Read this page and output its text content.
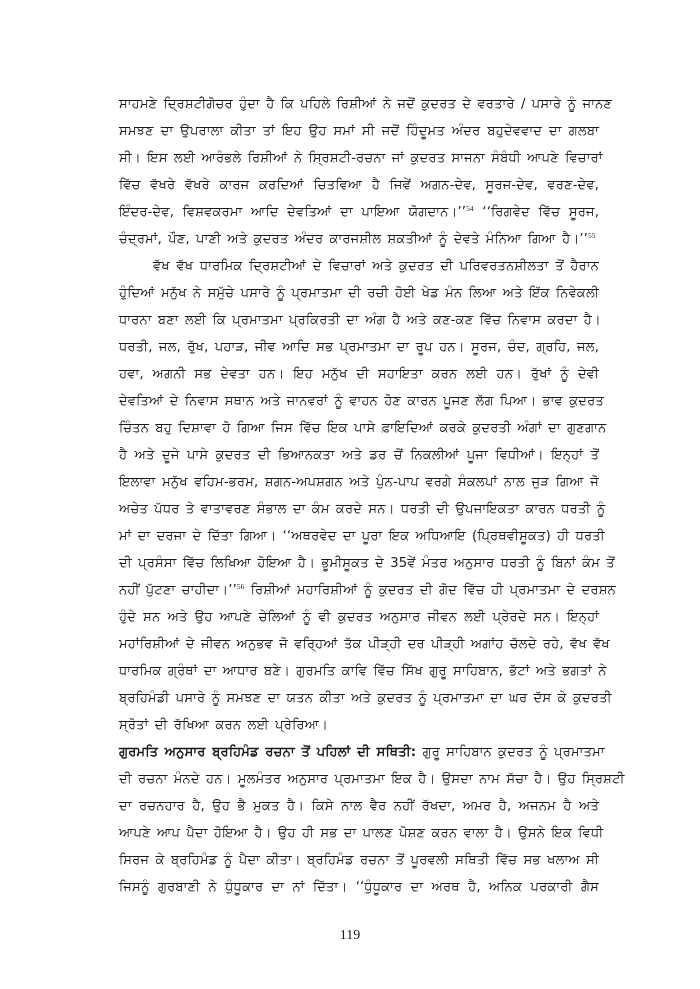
ਸਾਹਮਣੇ ਦ੍ਰਿਸ਼ਟੀਗੋਚਰ ਹੁੰਦਾ ਹੈ ਕਿ ਪਹਿਲੇ ਰਿਸ਼ੀਆਂ ਨੇ ਜਦੋਂ ਕੁਦਰਤ ਦੇ ਵਰਤਾਰੇ / ਪਸਾਰੇ ਨੂੰ ਜਾਨਣ
ਸਮਝਣ ਦਾ ਉਪਰਾਲਾ ਕੀਤਾ ਤਾਂ ਇਹ ਉਹ ਸਮਾਂ ਸੀ ਜਦੋਂ ਹਿੰਦੂਮਤ ਅੰਦਰ ਬਹੁਦੇਵਵਾਦ ਦਾ ਗਲਬਾ
ਸੀ। ਇਸ ਲਈ ਆਰੰਭਲੇ ਰਿਸ਼ੀਆਂ ਨੇ ਸ੍ਰਿਸ਼ਟੀ-ਰਚਨਾ ਜਾਂ ਕੁਦਰਤ ਸਾਜਨਾ ਸੰਬੰਧੀ ਆਪਣੇ ਵਿਚਾਰਾਂ
ਵਿੱਚ ਵੱਖਰੇ ਵੱਖਰੇ ਕਾਰਜ ਕਰਦਿਆਂ ਚਿਤਵਿਆ ਹੈ ਜਿਵੇਂ ਅਗਨ-ਦੇਵ, ਸੂਰਜ-ਦੇਵ, ਵਰਣ-ਦੇਵ,
ਇੰਦਰ-ਦੇਵ, ਵਿਸ਼ਵਕਰਮਾ ਆਦਿ ਦੇਵਤਿਆਂ ਦਾ ਪਾਇਆ ਯੋਗਦਾਨ।’’$^{54}$ ‘‘ਰਿਗਵੇਦ ਵਿੱਚ ਸੂਰਜ,
ਚੰਦ੍ਰਮਾਂ, ਪੌਣ, ਪਾਣੀ ਅਤੇ ਕੁਦਰਤ ਅੰਦਰ ਕਾਰਜਸ਼ੀਲ ਸ਼ਕਤੀਆਂ ਨੂੰ ਦੇਵਤੇ ਮੰਨਿਆ ਗਿਆ ਹੈ।’’$^{55}$
ਵੱਖ ਵੱਖ ਧਾਰਮਿਕ ਦ੍ਰਿਸ਼ਟੀਆਂ ਦੇ ਵਿਚਾਰਾਂ ਅਤੇ ਕੁਦਰਤ ਦੀ ਪਰਿਵਰਤਨਸ਼ੀਲਤਾ ਤੋਂ ਹੈਰਾਨ
ਹੁੰਦਿਆਂ ਮਨੁੱਖ ਨੇ ਸਮੁੱਚੇ ਪਸਾਰੇ ਨੂੰ ਪ੍ਰਮਾਤਮਾ ਦੀ ਰਚੀ ਹੋਈ ਖੇਡ ਮੰਨ ਲਿਆ ਅਤੇ ਇੱਕ ਨਿਵੇਕਲੀ
ਧਾਰਨਾ ਬਣਾ ਲਈ ਕਿ ਪ੍ਰਮਾਤਮਾ ਪ੍ਰਕਿਰਤੀ ਦਾ ਅੰਗ ਹੈ ਅਤੇ ਕਣ-ਕਣ ਵਿੱਚ ਨਿਵਾਸ ਕਰਦਾ ਹੈ।
ਧਰਤੀ, ਜਲ, ਰੁੱਖ, ਪਹਾੜ, ਜੀਵ ਆਦਿ ਸਭ ਪ੍ਰਮਾਤਮਾ ਦਾ ਰੂਪ ਹਨ। ਸੂਰਜ, ਚੰਦ, ਗ੍ਰਹਿ, ਜਲ,
ਹਵਾ, ਅਗਨੀ ਸਭ ਦੇਵਤਾ ਹਨ। ਇਹ ਮਨੁੱਖ ਦੀ ਸਹਾਇਤਾ ਕਰਨ ਲਈ ਹਨ। ਰੁੱਖਾਂ ਨੂੰ ਦੇਵੀ
ਦੇਵਤਿਆਂ ਦੇ ਨਿਵਾਸ ਸਥਾਨ ਅਤੇ ਜਾਨਵਰਾਂ ਨੂੰ ਵਾਹਨ ਹੋਣ ਕਾਰਨ ਪੂਜਣ ਲੱਗ ਪਿਆ। ਭਾਵ ਕੁਦਰਤ
ਚਿੰਤਨ ਬਹੁ ਦਿਸ਼ਾਵਾ ਹੋ ਗਿਆ ਜਿਸ ਵਿੱਚ ਇਕ ਪਾਸੇ ਫ਼ਾਇਦਿਆਂ ਕਰਕੇ ਕੁਦਰਤੀ ਅੰਗਾਂ ਦਾ ਗੁਣਗਾਨ
ਹੈ ਅਤੇ ਦੂਜੇ ਪਾਸੇ ਕੁਦਰਤ ਦੀ ਭਿਆਨਕਤਾ ਅਤੇ ਡਰ ਚੋਂ ਨਿਕਲੀਆਂ ਪੂਜਾ ਵਿਧੀਆਂ। ਇਨ੍ਹਾਂ ਤੋਂ
ਇਲਾਵਾ ਮਨੁੱਖ ਵਹਿਮ-ਭਰਮ, ਸ਼ਗਨ-ਅਪਸ਼ਗਨ ਅਤੇ ਪੁੰਨ-ਪਾਪ ਵਰਗੇ ਸੰਕਲਪਾਂ ਨਾਲ ਜੁੜ ਗਿਆ ਜੋ
ਅਚੇਤ ਪੱਧਰ ਤੇ ਵਾਤਾਵਰਣ ਸੰਭਾਲ ਦਾ ਕੰਮ ਕਰਦੇ ਸਨ। ਧਰਤੀ ਦੀ ਉਪਜਾਇਕਤਾ ਕਾਰਨ ਧਰਤੀ ਨੂੰ
ਮਾਂ ਦਾ ਦਰਜਾ ਦੇ ਦਿੱਤਾ ਗਿਆ। ‘‘ਅਥਰਵੇਦ ਦਾ ਪੂਰਾ ਇਕ ਅਧਿਆਇ (ਪ੍ਰਿਥਵੀਸੂਕਤ) ਹੀ ਧਰਤੀ
ਦੀ ਪ੍ਰਸੰਸਾ ਵਿੱਚ ਲਿਖਿਆ ਹੋਇਆ ਹੈ। ਭੂਮੀਸੂਕਤ ਦੇ 35ਵੇਂ ਮੰਤਰ ਅਨੁਸਾਰ ਧਰਤੀ ਨੂੰ ਬਿਨਾਂ ਕੰਮ ਤੋਂ
ਨਹੀਂ ਪੁੱਟਣਾ ਚਾਹੀਦਾ।’’$^{56}$ ਰਿਸ਼ੀਆਂ ਮਹਾਰਿਸ਼ੀਆਂ ਨੂੰ ਕੁਦਰਤ ਦੀ ਗੋਦ ਵਿੱਚ ਹੀ ਪ੍ਰਮਾਤਮਾ ਦੇ ਦਰਸ਼ਨ
ਹੁੰਦੇ ਸਨ ਅਤੇ ਉਹ ਆਪਣੇ ਚੇਲਿਆਂ ਨੂੰ ਵੀ ਕੁਦਰਤ ਅਨੁਸਾਰ ਜੀਵਨ ਲਈ ਪ੍ਰੇਰਦੇ ਸਨ। ਇਨ੍ਹਾਂ
ਮਹਾਂਰਿਸ਼ੀਆਂ ਦੇ ਜੀਵਨ ਅਨੁਭਵ ਜੋ ਵਰ੍ਹਿਆਂ ਤੱਕ ਪੀੜ੍ਹੀ ਦਰ ਪੀੜ੍ਹੀ ਅਗਾਂਹ ਚੱਲਦੇ ਰਹੇ, ਵੱਖ ਵੱਖ
ਧਾਰਮਿਕ ਗ੍ਰੰਥਾਂ ਦਾ ਆਧਾਰ ਬਣੇ। ਗੁਰਮਤਿ ਕਾਵਿ ਵਿੱਚ ਸਿੱਖ ਗੁਰੂ ਸਾਹਿਬਾਨ, ਭੱਟਾਂ ਅਤੇ ਭਗਤਾਂ ਨੇ
ਬ੍ਰਹਿਮੰਡੀ ਪਸਾਰੇ ਨੂੰ ਸਮਝਣ ਦਾ ਯਤਨ ਕੀਤਾ ਅਤੇ ਕੁਦਰਤ ਨੂੰ ਪ੍ਰਮਾਤਮਾ ਦਾ ਘਰ ਦੱਸ ਕੇ ਕੁਦਰਤੀ
ਸ੍ਰੋਤਾਂ ਦੀ ਰੱਖਿਆ ਕਰਨ ਲਈ ਪ੍ਰੇਰਿਆ।
ਗੁਰਮਤਿ ਅਨੁਸਾਰ ਬ੍ਰਹਿਮੰਡ ਰਚਨਾ ਤੋਂ ਪਹਿਲਾਂ ਦੀ ਸਥਿਤੀ: ਗੁਰੂ ਸਾਹਿਬਾਨ ਕੁਦਰਤ ਨੂੰ ਪ੍ਰਮਾਤਮਾ
ਦੀ ਰਚਨਾ ਮੰਨਦੇ ਹਨ। ਮੂਲਮੰਤਰ ਅਨੁਸਾਰ ਪ੍ਰਮਾਤਮਾ ਇਕ ਹੈ। ਉਸਦਾ ਨਾਮ ਸੱਚਾ ਹੈ। ਉਹ ਸ੍ਰਿਸ਼ਟੀ
ਦਾ ਰਚਨਹਾਰ ਹੈ, ਉਹ ਭੈ ਮੁਕਤ ਹੈ। ਕਿਸੇ ਨਾਲ ਵੈਰ ਨਹੀਂ ਰੱਖਦਾ, ਅਮਰ ਹੈ, ਅਜਨਮ ਹੈ ਅਤੇ
ਆਪਣੇ ਆਪ ਪੈਦਾ ਹੋਇਆ ਹੈ। ਉਹ ਹੀ ਸਭ ਦਾ ਪਾਲਣ ਪੋਸ਼ਣ ਕਰਨ ਵਾਲਾ ਹੈ। ਉਸਨੇ ਇਕ ਵਿਧੀ
ਸਿਰਜ ਕੇ ਬ੍ਰਹਿਮੰਡ ਨੂੰ ਪੈਦਾ ਕੀਤਾ। ਬ੍ਰਹਿਮੰਡ ਰਚਨਾ ਤੋਂ ਪੂਰਵਲੀ ਸਥਿਤੀ ਵਿੱਚ ਸਭ ਖਲਾਅ ਸੀ
ਜਿਸਨੂੰ ਗੁਰਬਾਣੀ ਨੇ ਧੁੰਧੂਕਾਰ ਦਾ ਨਾਂ ਦਿੱਤਾ। ‘‘ਧੁੰਧੂਕਾਰ ਦਾ ਅਰਥ ਹੈ, ਅਨਿਕ ਪਰਕਾਰੀ ਗੈਸ
119
